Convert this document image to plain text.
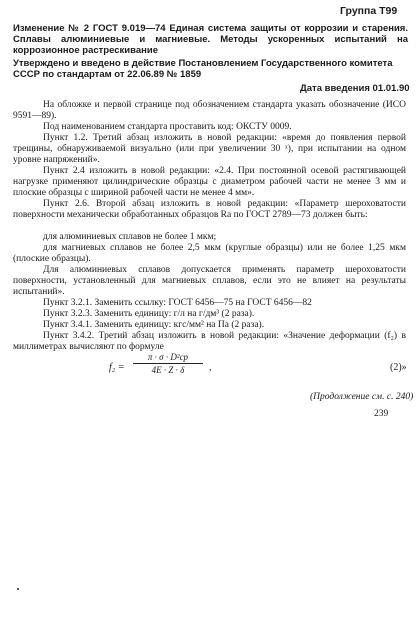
Группа Т99
Изменение № 2 ГОСТ 9.019—74 Единая система защиты от коррозии и старения. Сплавы алюминиевые и магниевые. Методы ускоренных испытаний на коррозионное растрескивание
Утверждено и введено в действие Постановлением Государственного комитета СССР по стандартам от 22.06.89 № 1859
Дата введения 01.01.90
На обложке и первой странице под обозначением стандарта указать обозначение (ИСО 9591—89).
Под наименованием стандарта проставить код: ОКСТУ 0009.
Пункт 1.2. Третий абзац изложить в новой редакции: «время до появления первой трещины, обнаруживаемой визуально (или при увеличении 30 ˣ), при испытании на одном уровне напряжений».
Пункт 2.4 изложить в новой редакции: «2.4. При постоянной осевой растягивающей нагрузке применяют цилиндрические образцы с диаметром рабочей части не менее 3 мм и плоские образцы с шириной рабочей части не менее 4 мм».
Пункт 2.6. Второй абзац изложить в новой редакции: «Параметр шероховатости поверхности механически обработанных образцов Ra по ГОСТ 2789—73 должен быть:
для алюминиевых сплавов не более 1 мкм;
для магниевых сплавов не более 2,5 мкм (круглые образцы) или не более 1,25 мкм (плоские образцы).
Для алюминиевых сплавов допускается применять параметр шероховатости поверхности, установленный для магниевых сплавов, если это не влияет на результаты испытаний».
Пункт 3.2.1. Заменить ссылку: ГОСТ 6456—75 на ГОСТ 6456—82
Пункт 3.2.3. Заменить единицу: г/л на г/дм³ (2 раза).
Пункт 3.4.1. Заменить единицу: кгс/мм² на Па (2 раза).
Пункт 3.4.2. Третий абзац изложить в новой редакции: «Значение деформации (f₂) в миллиметрах вычисляют по формуле
f₂ =
π · σ · D²ср
4E · Z · δ	,	(2)»
(Продолжение см. с. 240)
239
